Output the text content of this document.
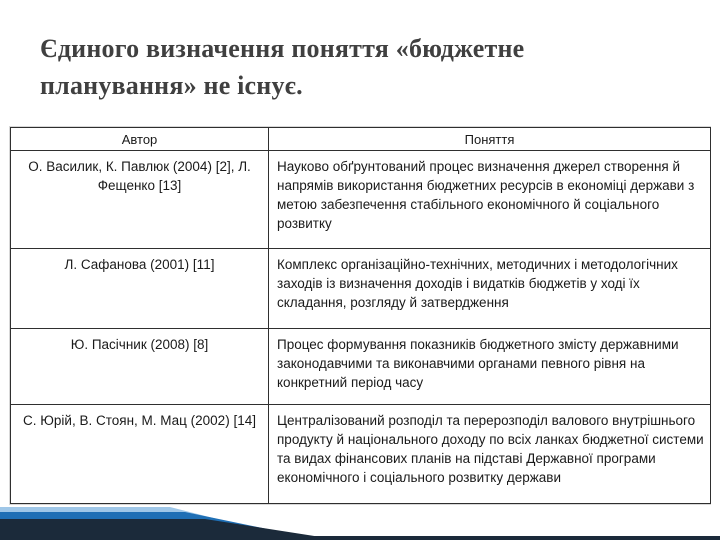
Єдиного визначення поняття «бюджетне планування» не існує.
Автор	Поняття
О. Василик, К. Павлюк (2004) [2], Л. Фещенко [13]	Науково обґрунтований процес визначення джерел створення й напрямів використання бюджетних ресурсів в економіці держави з метою забезпечення стабільного економічного й соціального розвитку
Л. Сафанова (2001) [11]	Комплекс організаційно-технічних, методичних і методологічних заходів із визначення доходів і видатків бюджетів у ході їх складання, розгляду й затвердження
Ю. Пасічник (2008) [8]	Процес формування показників бюджетного змісту державними законодавчими та виконавчими органами певного рівня на конкретний період часу
С. Юрій, В. Стоян, М. Мац (2002) [14]	Централізований розподіл та перерозподіл валового внутрішнього продукту й національного доходу по всіх ланках бюджетної системи та видах фінансових планів на підставі Державної програми економічного і соціального розвитку держави
